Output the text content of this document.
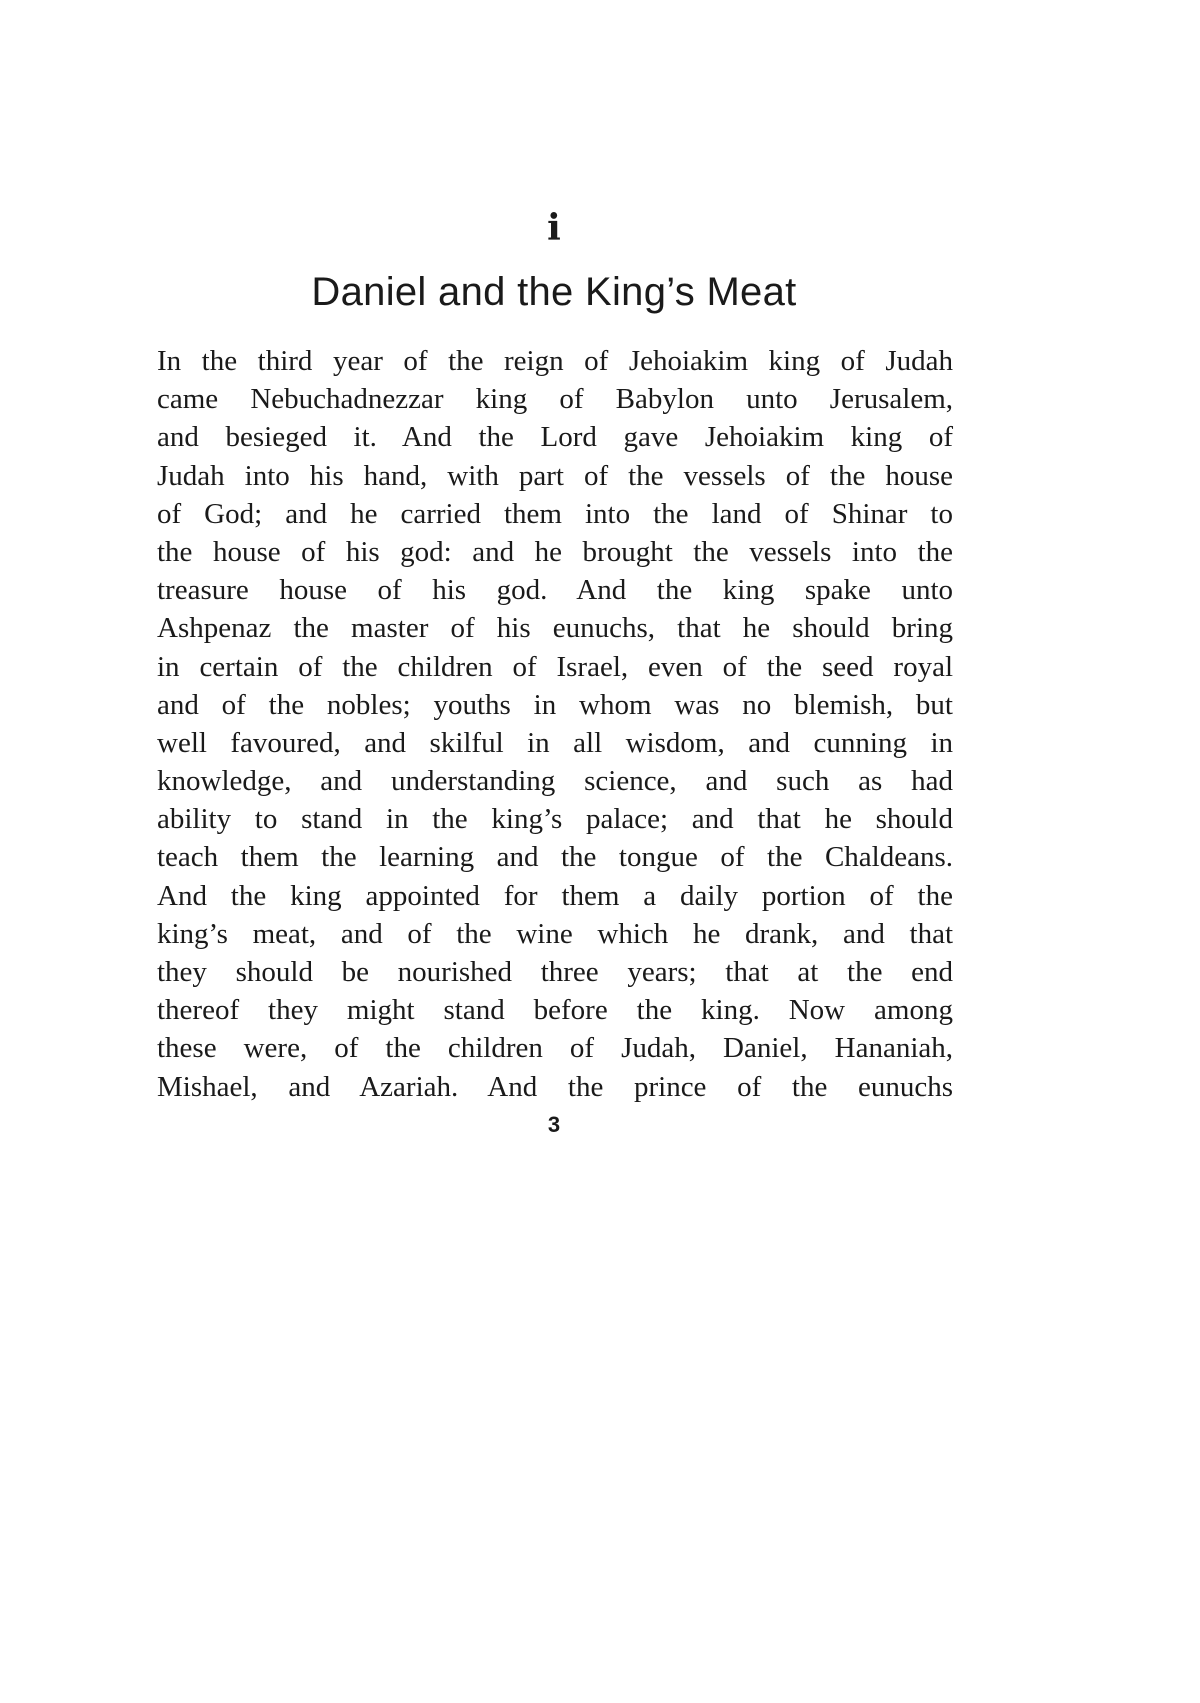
i
Daniel and the King’s Meat
In the third year of the reign of Jehoiakim king of Judah
came Nebuchadnezzar king of Babylon unto Jerusalem,
and besieged it. And the Lord gave Jehoiakim king of
Judah into his hand, with part of the vessels of the house
of God; and he carried them into the land of Shinar to
the house of his god: and he brought the vessels into the
treasure house of his god. And the king spake unto
Ashpenaz the master of his eunuchs, that he should bring
in certain of the children of Israel, even of the seed royal
and of the nobles; youths in whom was no blemish, but
well favoured, and skilful in all wisdom, and cunning in
knowledge, and understanding science, and such as had
ability to stand in the king’s palace; and that he should
teach them the learning and the tongue of the Chaldeans.
And the king appointed for them a daily portion of the
king’s meat, and of the wine which he drank, and that
they should be nourished three years; that at the end
thereof they might stand before the king. Now among
these were, of the children of Judah, Daniel, Hananiah,
Mishael, and Azariah. And the prince of the eunuchs
3
